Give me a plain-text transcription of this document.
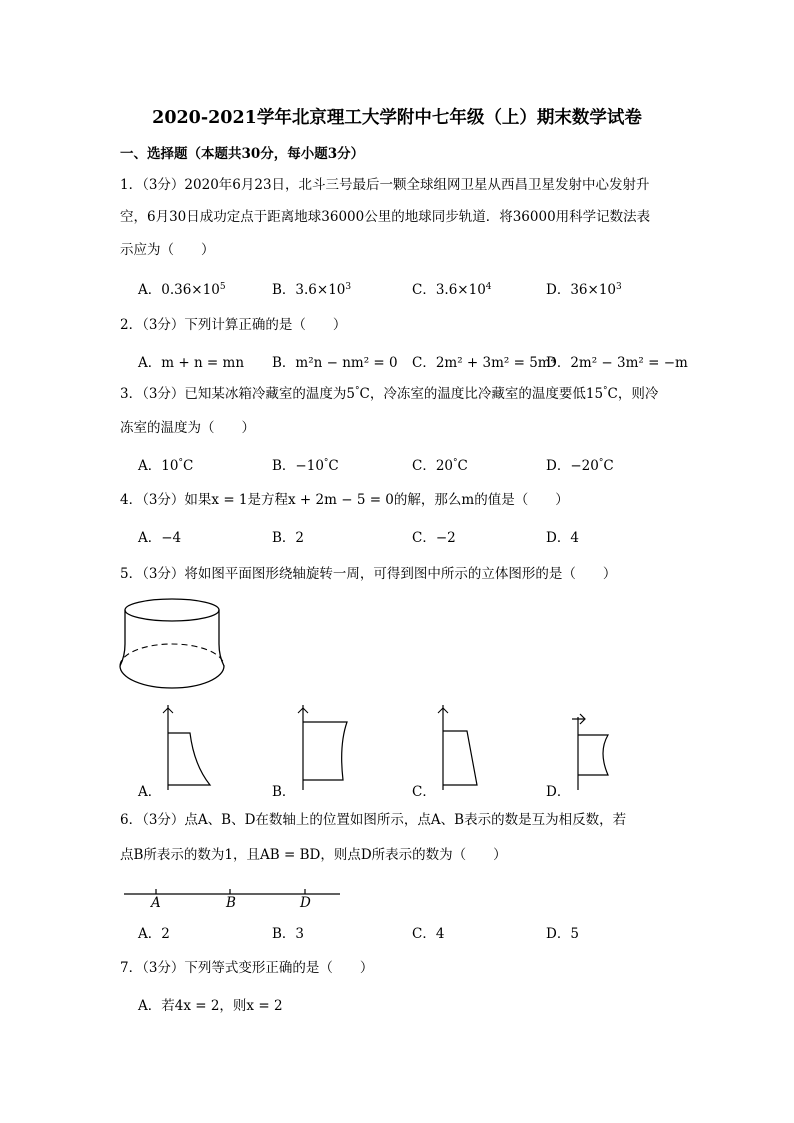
2020-2021学年北京理工大学附中七年级（上）期末数学试卷
一、选择题（本题共30分，每小题3分）
1．（3分）2020年6月23日，北斗三号最后一颗全球组网卫星从西昌卫星发射中心发射升
空，6月30日成功定点于距离地球36000公里的地球同步轨道．将36000用科学记数法表
示应为（　　）
A．$0.36\times 10^5$	B．$3.6\times 10^3$	C．$3.6\times 10^4$	D．$36\times 10^3$
2．（3分）下列计算正确的是（　　）
A．m + n = mn B．m²n − nm² = 0 C．2m² + 3m² = 5m⁴
D．2m² − 3m² = −m
3．（3分）已知某冰箱冷藏室的温度为5°C，冷冻室的温度比冷藏室的温度要低15°C，则冷
冻室的温度为（　　）
A．10°C	B．−10°C	C．20°C	D．−20°C
4．（3分）如果x = 1是方程x + 2m − 5 = 0的解，那么m的值是（　　）
A．−4	B．2	C．−2	D．4
5．（3分）将如图平面图形绕轴旋转一周，可得到图中所示的立体图形的是（　　）
A．	B．	C．	D．
6．（3分）点A、B、D在数轴上的位置如图所示，点A、B表示的数是互为相反数，若
点B所表示的数为1，且AB = BD，则点D所表示的数为（　　）
A	B	D
A．2	B．3	C．4	D．5
7．（3分）下列等式变形正确的是（　　）
A．若4x = 2，则x = 2
